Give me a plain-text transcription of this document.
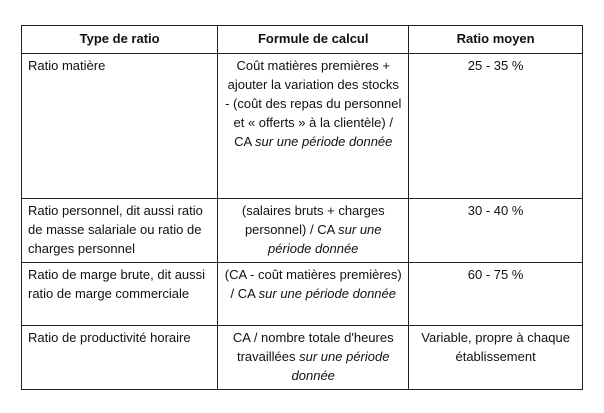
Type de ratio	Formule de calcul	Ratio moyen
Ratio matière	Coût matières premières + ajouter la variation des stocks - (coût des repas du personnel et « offerts » à la clientèle) / CA sur une période donnée	25 - 35 %
Ratio personnel, dit aussi ratio de masse salariale ou ratio de charges personnel	(salaires bruts + charges personnel) / CA sur une période donnée	30 - 40 %
Ratio de marge brute, dit aussi ratio de marge commerciale	(CA - coût matières premières) / CA sur une période donnée	60 - 75 %
Ratio de productivité horaire	CA / nombre totale d'heures travaillées sur une période donnée	Variable, propre à chaque établissement
